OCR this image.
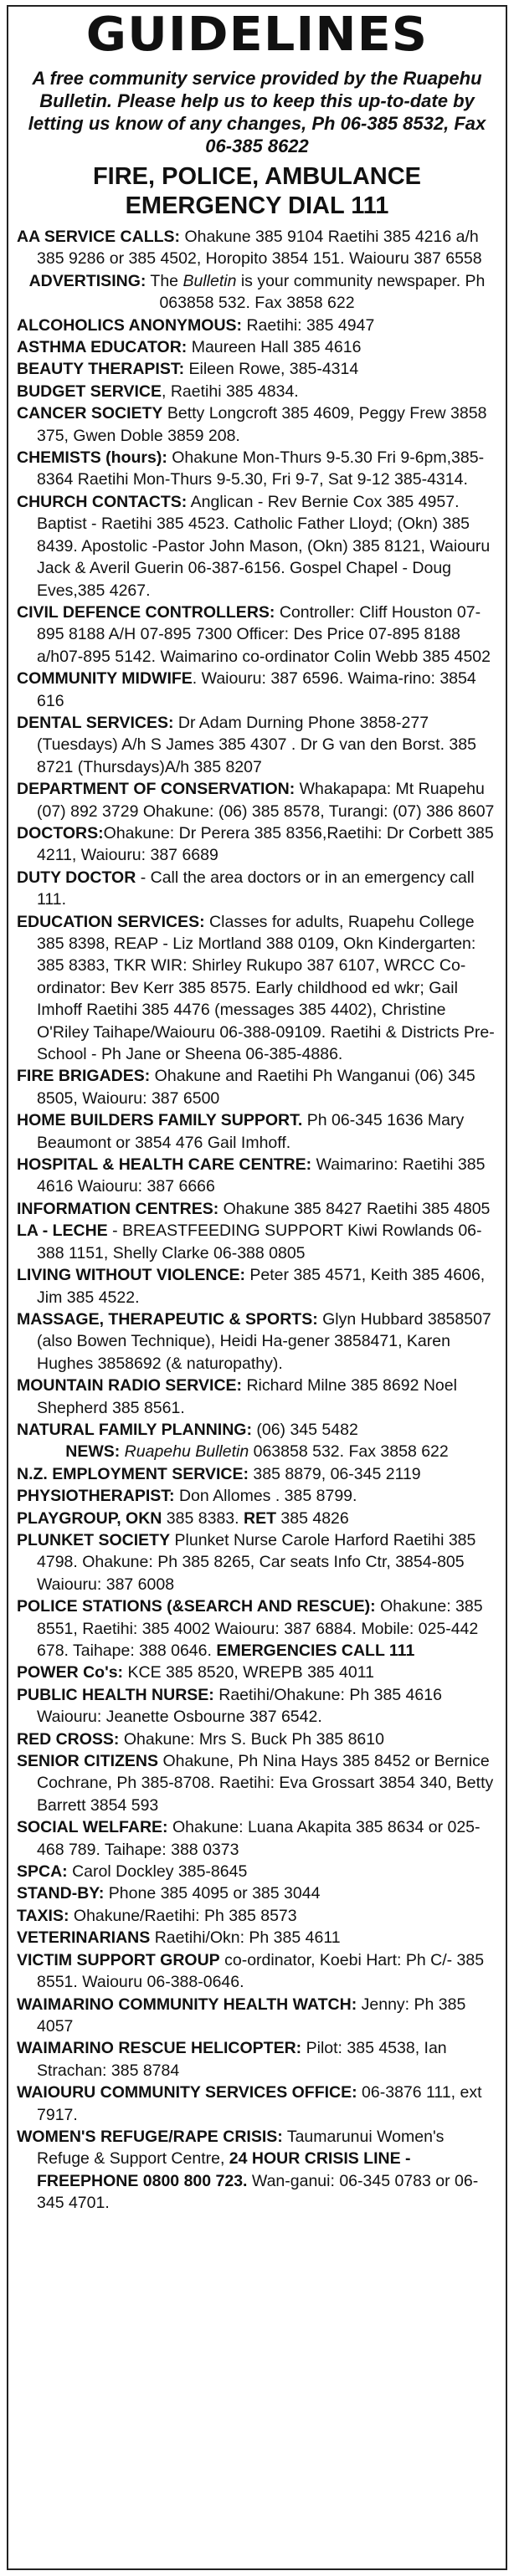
GUIDELINES
A free community service provided by the Ruapehu Bulletin. Please help us to keep this up-to-date by letting us know of any changes, Ph 06-385 8532, Fax 06-385 8622
FIRE, POLICE, AMBULANCE
EMERGENCY DIAL 111

AA SERVICE CALLS: Ohakune 385 9104 Raetihi 385 4216 a/h 385 9286 or 385 4502, Horopito 3854 151. Waiouru 387 6558

ADVERTISING: The Bulletin is your community newspaper. Ph 063858 532. Fax 3858 622

ALCOHOLICS ANONYMOUS: Raetihi: 385 4947

ASTHMA EDUCATOR: Maureen Hall 385 4616

BEAUTY THERAPIST: Eileen Rowe, 385-4314

BUDGET SERVICE, Raetihi 385 4834.

CANCER SOCIETY Betty Longcroft 385 4609, Peggy Frew 3858 375, Gwen Doble 3859 208.

CHEMISTS (hours): Ohakune Mon-Thurs 9-5.30 Fri 9-6pm,385-8364 Raetihi Mon-Thurs 9-5.30, Fri 9-7, Sat 9-12 385-4314.

CHURCH CONTACTS: Anglican - Rev Bernie Cox 385 4957. Baptist - Raetihi 385 4523. Catholic Father Lloyd; (Okn) 385 8439. Apostolic -Pastor John Mason, (Okn) 385 8121, Waiouru Jack & Averil Guerin 06-387-6156. Gospel Chapel - Doug Eves,385 4267.

CIVIL DEFENCE CONTROLLERS: Controller: Cliff Houston 07-895 8188 A/H 07-895 7300 Officer: Des Price 07-895 8188 a/h07-895 5142. Waimarino co-ordinator Colin Webb 385 4502

COMMUNITY MIDWIFE. Waiouru: 387 6596. Waima-rino: 3854 616

DENTAL SERVICES: Dr Adam Durning Phone 3858-277 (Tuesdays) A/h S James 385 4307 . Dr G van den Borst. 385 8721 (Thursdays)A/h 385 8207

DEPARTMENT OF CONSERVATION: Whakapapa: Mt Ruapehu (07) 892 3729 Ohakune: (06) 385 8578, Turangi: (07) 386 8607

DOCTORS:Ohakune: Dr Perera 385 8356,Raetihi: Dr Corbett 385 4211, Waiouru: 387 6689

DUTY DOCTOR - Call the area doctors or in an emergency call 111.

EDUCATION SERVICES: Classes for adults, Ruapehu College 385 8398, REAP - Liz Mortland 388 0109, Okn Kindergarten: 385 8383, TKR WIR: Shirley Rukupo 387 6107, WRCC Co-ordinator: Bev Kerr 385 8575. Early childhood ed wkr; Gail Imhoff Raetihi 385 4476 (messages 385 4402), Christine O'Riley Taihape/Waiouru 06-388-09109. Raetihi & Districts Pre-School - Ph Jane or Sheena 06-385-4886.

FIRE BRIGADES: Ohakune and Raetihi Ph Wanganui (06) 345 8505, Waiouru: 387 6500

HOME BUILDERS FAMILY SUPPORT. Ph 06-345 1636 Mary Beaumont or 3854 476 Gail Imhoff.

HOSPITAL & HEALTH CARE CENTRE: Waimarino: Raetihi 385 4616 Waiouru: 387 6666

INFORMATION CENTRES: Ohakune 385 8427 Raetihi 385 4805

LA - LECHE - BREASTFEEDING SUPPORT Kiwi Rowlands 06-388 1151, Shelly Clarke 06-388 0805

LIVING WITHOUT VIOLENCE: Peter 385 4571, Keith 385 4606, Jim 385 4522.

MASSAGE, THERAPEUTIC & SPORTS: Glyn Hubbard 3858507 (also Bowen Technique), Heidi Ha-gener 3858471, Karen Hughes 3858692 (& naturopathy).

MOUNTAIN RADIO SERVICE: Richard Milne 385 8692 Noel Shepherd 385 8561.

NATURAL FAMILY PLANNING: (06) 345 5482

NEWS: Ruapehu Bulletin 063858 532. Fax 3858 622

N.Z. EMPLOYMENT SERVICE: 385 8879, 06-345 2119

PHYSIOTHERAPIST: Don Allomes . 385 8799.

PLAYGROUP, OKN 385 8383. RET 385 4826

PLUNKET SOCIETY Plunket Nurse Carole Harford Raetihi 385 4798. Ohakune: Ph 385 8265, Car seats Info Ctr, 3854-805 Waiouru: 387 6008

POLICE STATIONS (&SEARCH AND RESCUE): Ohakune: 385 8551, Raetihi: 385 4002 Waiouru: 387 6884. Mobile: 025-442 678. Taihape: 388 0646. EMERGENCIES CALL 111

POWER Co's: KCE 385 8520, WREPB 385 4011

PUBLIC HEALTH NURSE: Raetihi/Ohakune: Ph 385 4616 Waiouru: Jeanette Osbourne 387 6542.

RED CROSS: Ohakune: Mrs S. Buck Ph 385 8610

SENIOR CITIZENS Ohakune, Ph Nina Hays 385 8452 or Bernice Cochrane, Ph 385-8708. Raetihi: Eva Grossart 3854 340, Betty Barrett 3854 593

SOCIAL WELFARE: Ohakune: Luana Akapita 385 8634 or 025-468 789. Taihape: 388 0373

SPCA: Carol Dockley 385-8645

STAND-BY: Phone 385 4095 or 385 3044

TAXIS: Ohakune/Raetihi: Ph 385 8573

VETERINARIANS Raetihi/Okn: Ph 385 4611

VICTIM SUPPORT GROUP co-ordinator, Koebi Hart: Ph C/- 385 8551. Waiouru 06-388-0646.

WAIMARINO COMMUNITY HEALTH WATCH: Jenny: Ph 385 4057

WAIMARINO RESCUE HELICOPTER: Pilot: 385 4538, Ian Strachan: 385 8784

WAIOURU COMMUNITY SERVICES OFFICE: 06-3876 111, ext 7917.

WOMEN'S REFUGE/RAPE CRISIS: Taumarunui Women's Refuge & Support Centre, 24 HOUR CRISIS LINE - FREEPHONE 0800 800 723. Wan-ganui: 06-345 0783 or 06-345 4701.
